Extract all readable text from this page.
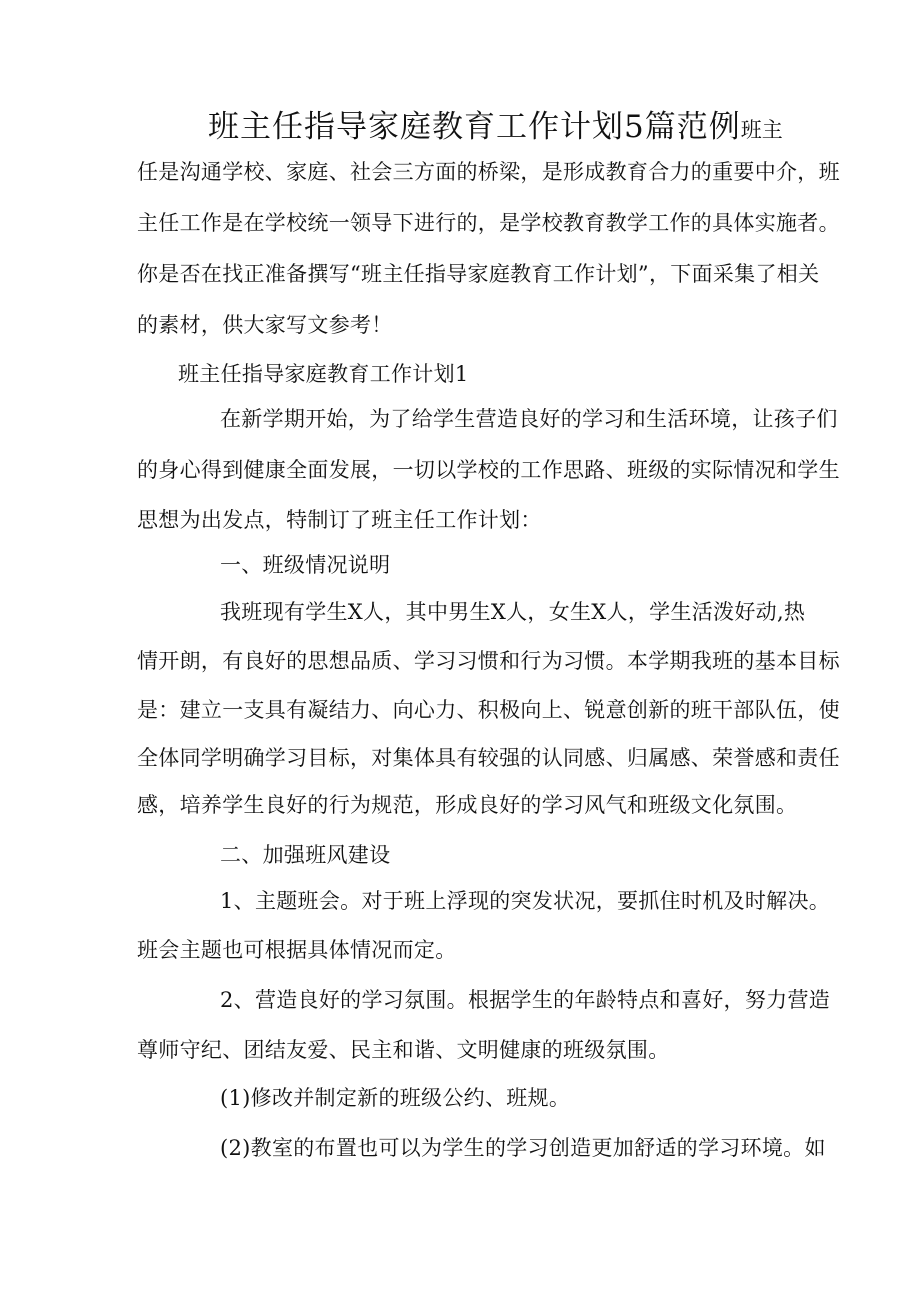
班主任指导家庭教育工作计划5篇范例班主
任是沟通学校、家庭、社会三方面的桥梁，是形成教育合力的重要中介，班
主任工作是在学校统一领导下进行的，是学校教育教学工作的具体实施者。
你是否在找正准备撰写“班主任指导家庭教育工作计划”，下面采集了相关
的素材，供大家写文参考！
班主任指导家庭教育工作计划1
在新学期开始，为了给学生营造良好的学习和生活环境，让孩子们
的身心得到健康全面发展，一切以学校的工作思路、班级的实际情况和学生
思想为出发点，特制订了班主任工作计划：
一、班级情况说明
我班现有学生X人，其中男生X人，女生X人，学生活泼好动,热
情开朗，有良好的思想品质、学习习惯和行为习惯。本学期我班的基本目标
是：建立一支具有凝结力、向心力、积极向上、锐意创新的班干部队伍，使
全体同学明确学习目标，对集体具有较强的认同感、归属感、荣誉感和责任
感，培养学生良好的行为规范，形成良好的学习风气和班级文化氛围。
二、加强班风建设
1、主题班会。对于班上浮现的突发状况，要抓住时机及时解决。
班会主题也可根据具体情况而定。
2、营造良好的学习氛围。根据学生的年龄特点和喜好，努力营造
尊师守纪、团结友爱、民主和谐、文明健康的班级氛围。
(1)修改并制定新的班级公约、班规。
(2)教室的布置也可以为学生的学习创造更加舒适的学习环境。如
